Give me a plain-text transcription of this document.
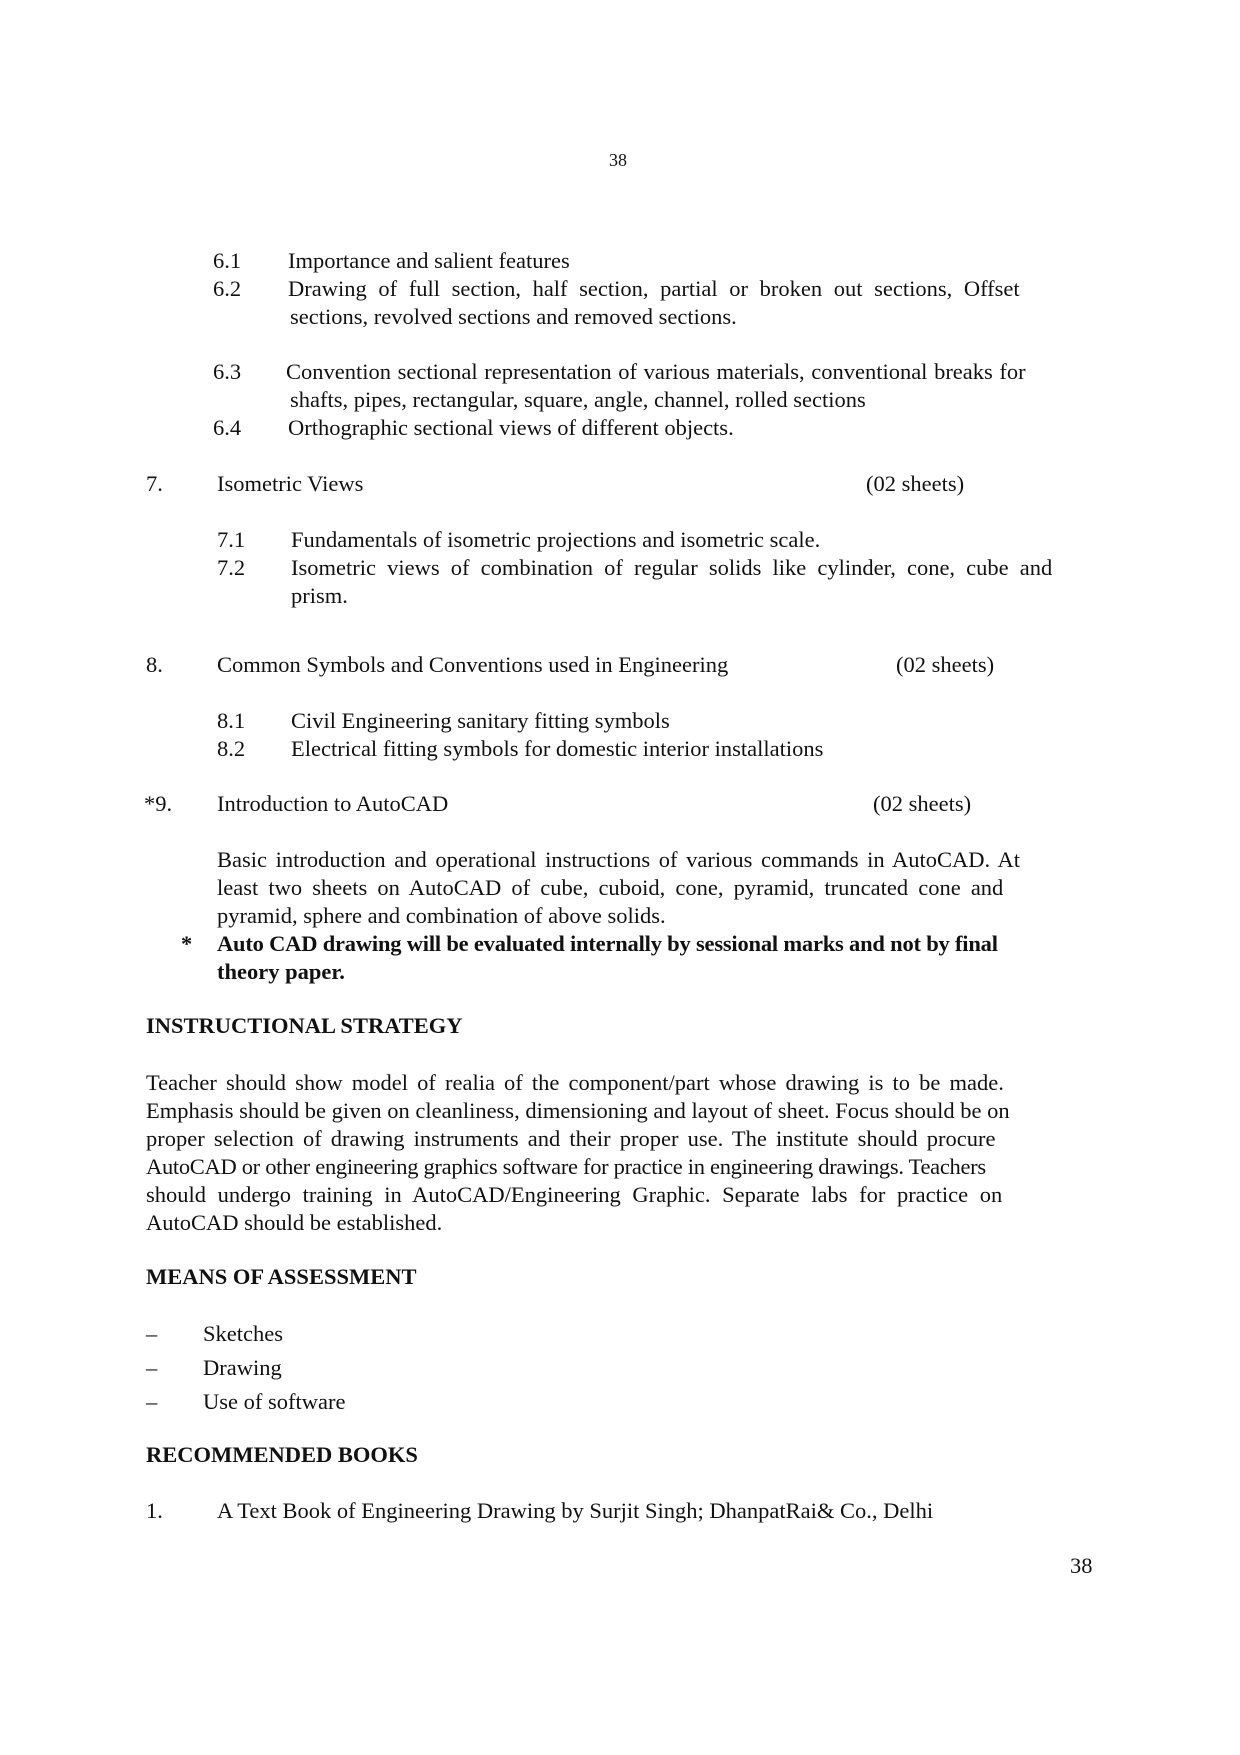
38
6.1 Importance and salient features
6.2 Drawing of full section, half section, partial or broken out sections, Offset
sections, revolved sections and removed sections.
6.3 Convention sectional representation of various materials, conventional breaks for
shafts, pipes, rectangular, square, angle, channel, rolled sections
6.4 Orthographic sectional views of different objects.
7. Isometric Views	(02 sheets)
7.1 Fundamentals of isometric projections and isometric scale.
7.2 Isometric views of combination of regular solids like cylinder, cone, cube and
prism.
8. Common Symbols and Conventions used in Engineering	(02 sheets)
8.1 Civil Engineering sanitary fitting symbols
8.2 Electrical fitting symbols for domestic interior installations
*9. Introduction to AutoCAD	(02 sheets)
Basic introduction and operational instructions of various commands in AutoCAD. At
least two sheets on AutoCAD of cube, cuboid, cone, pyramid, truncated cone and
pyramid, sphere and combination of above solids.
* Auto CAD drawing will be evaluated internally by sessional marks and not by final
theory paper.
INSTRUCTIONAL STRATEGY
Teacher should show model of realia of the component/part whose drawing is to be made.
Emphasis should be given on cleanliness, dimensioning and layout of sheet. Focus should be on
proper selection of drawing instruments and their proper use. The institute should procure
AutoCAD or other engineering graphics software for practice in engineering drawings. Teachers
should undergo training in AutoCAD/Engineering Graphic. Separate labs for practice on
AutoCAD should be established.
MEANS OF ASSESSMENT
– Sketches
– Drawing
– Use of software
RECOMMENDED BOOKS
1. A Text Book of Engineering Drawing by Surjit Singh; DhanpatRai& Co., Delhi
38
